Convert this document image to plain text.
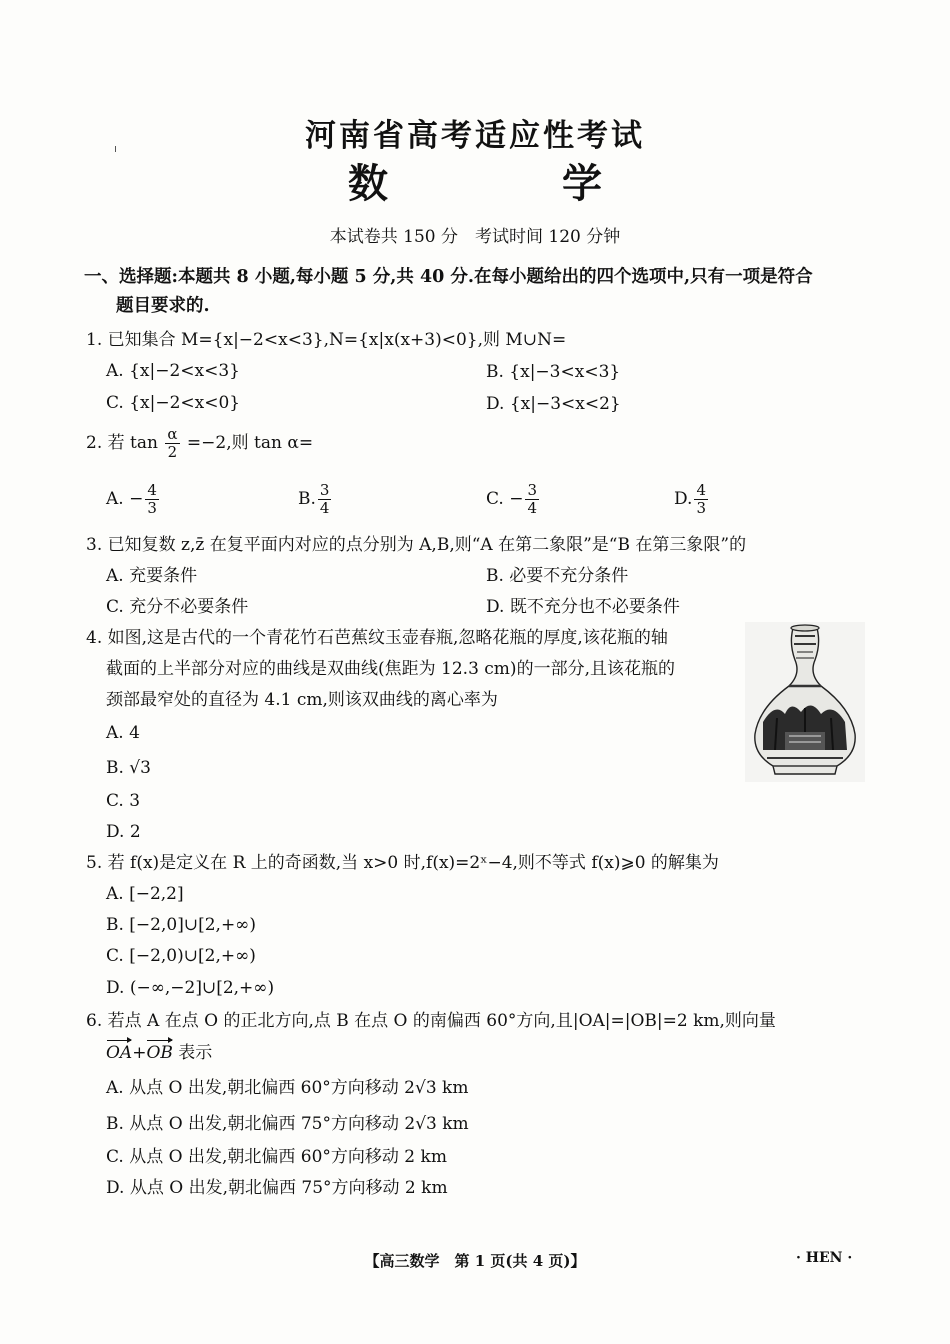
河南省高考适应性考试
数 学
本试卷共 150 分　考试时间 120 分钟
一、选择题:本题共 8 小题,每小题 5 分,共 40 分.在每小题给出的四个选项中,只有一项是符合
题目要求的.
1. 已知集合 M={x|−2<x<3},N={x|x(x+3)<0},则 M∪N=
A. {x|−2<x<3}	B. {x|−3<x<3}
C. {x|−2<x<0}	D. {x|−3<x<2}
2. 若 $\tan \frac{\alpha}{2} =-2$,则 tan α=
A. − $\frac{4}{3}$	B. $\frac{3}{4}$	C. − $\frac{3}{4}$	D. $\frac{4}{3}$
3. 已知复数 z,z̄ 在复平面内对应的点分别为 A,B,则“A 在第二象限”是“B 在第三象限”的
A. 充要条件	B. 必要不充分条件
C. 充分不必要条件	D. 既不充分也不必要条件
4. 如图,这是古代的一个青花竹石芭蕉纹玉壶春瓶,忽略花瓶的厚度,该花瓶的轴
截面的上半部分对应的曲线是双曲线(焦距为 12.3 cm)的一部分,且该花瓶的
颈部最窄处的直径为 4.1 cm,则该双曲线的离心率为
A. 4
B. √3
C. 3
D. 2
5. 若 f(x)是定义在 R 上的奇函数,当 x>0 时,f(x)=2ˣ−4,则不等式 f(x)⩾0 的解集为
A. [−2,2]
B. [−2,0]∪[2,+∞)
C. [−2,0)∪[2,+∞)
D. (−∞,−2]∪[2,+∞)
6. 若点 A 在点 O 的正北方向,点 B 在点 O 的南偏西 60°方向,且|OA|=|OB|=2 km,则向量
OA+OB 表示
A. 从点 O 出发,朝北偏西 60°方向移动 2√3 km
B. 从点 O 出发,朝北偏西 75°方向移动 2√3 km
C. 从点 O 出发,朝北偏西 60°方向移动 2 km
D. 从点 O 出发,朝北偏西 75°方向移动 2 km
【高三数学　第 1 页(共 4 页)】	· HEN ·
